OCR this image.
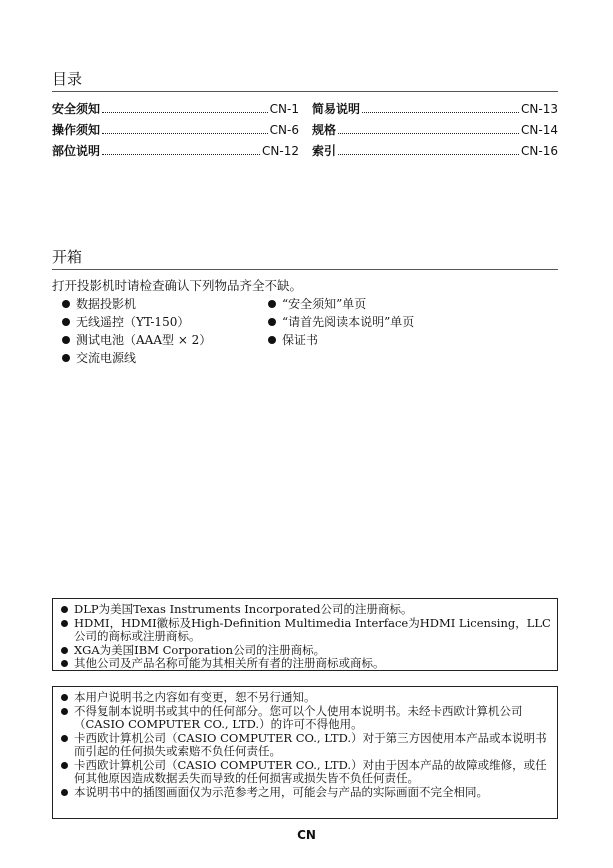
目录
安全须知	CN-1
操作须知	CN-6
部位说明	CN-12
简易说明	CN-13
规格	CN-14
索引	CN-16
开箱
打开投影机时请检查确认下列物品齐全不缺。
数据投影机
无线遥控（YT-150）
测试电池（AAA型 × 2）
交流电源线
“安全须知”单页
“请首先阅读本说明”单页
保证书
DLP为美国Texas Instruments Incorporated公司的注册商标。
HDMI，HDMI徽标及High-Definition Multimedia Interface为HDMI Licensing，LLC公司的商标或注册商标。
XGA为美国IBM Corporation公司的注册商标。
其他公司及产品名称可能为其相关所有者的注册商标或商标。
本用户说明书之内容如有变更，恕不另行通知。
不得复制本说明书或其中的任何部分。您可以个人使用本说明书。未经卡西欧计算机公司（CASIO COMPUTER CO., LTD.）的许可不得他用。
卡西欧计算机公司（CASIO COMPUTER CO., LTD.）对于第三方因使用本产品或本说明书而引起的任何损失或索赔不负任何责任。
卡西欧计算机公司（CASIO COMPUTER CO., LTD.）对由于因本产品的故障或维修，或任何其他原因造成数据丢失而导致的任何损害或损失皆不负任何责任。
本说明书中的插图画面仅为示范参考之用，可能会与产品的实际画面不完全相同。
CN
